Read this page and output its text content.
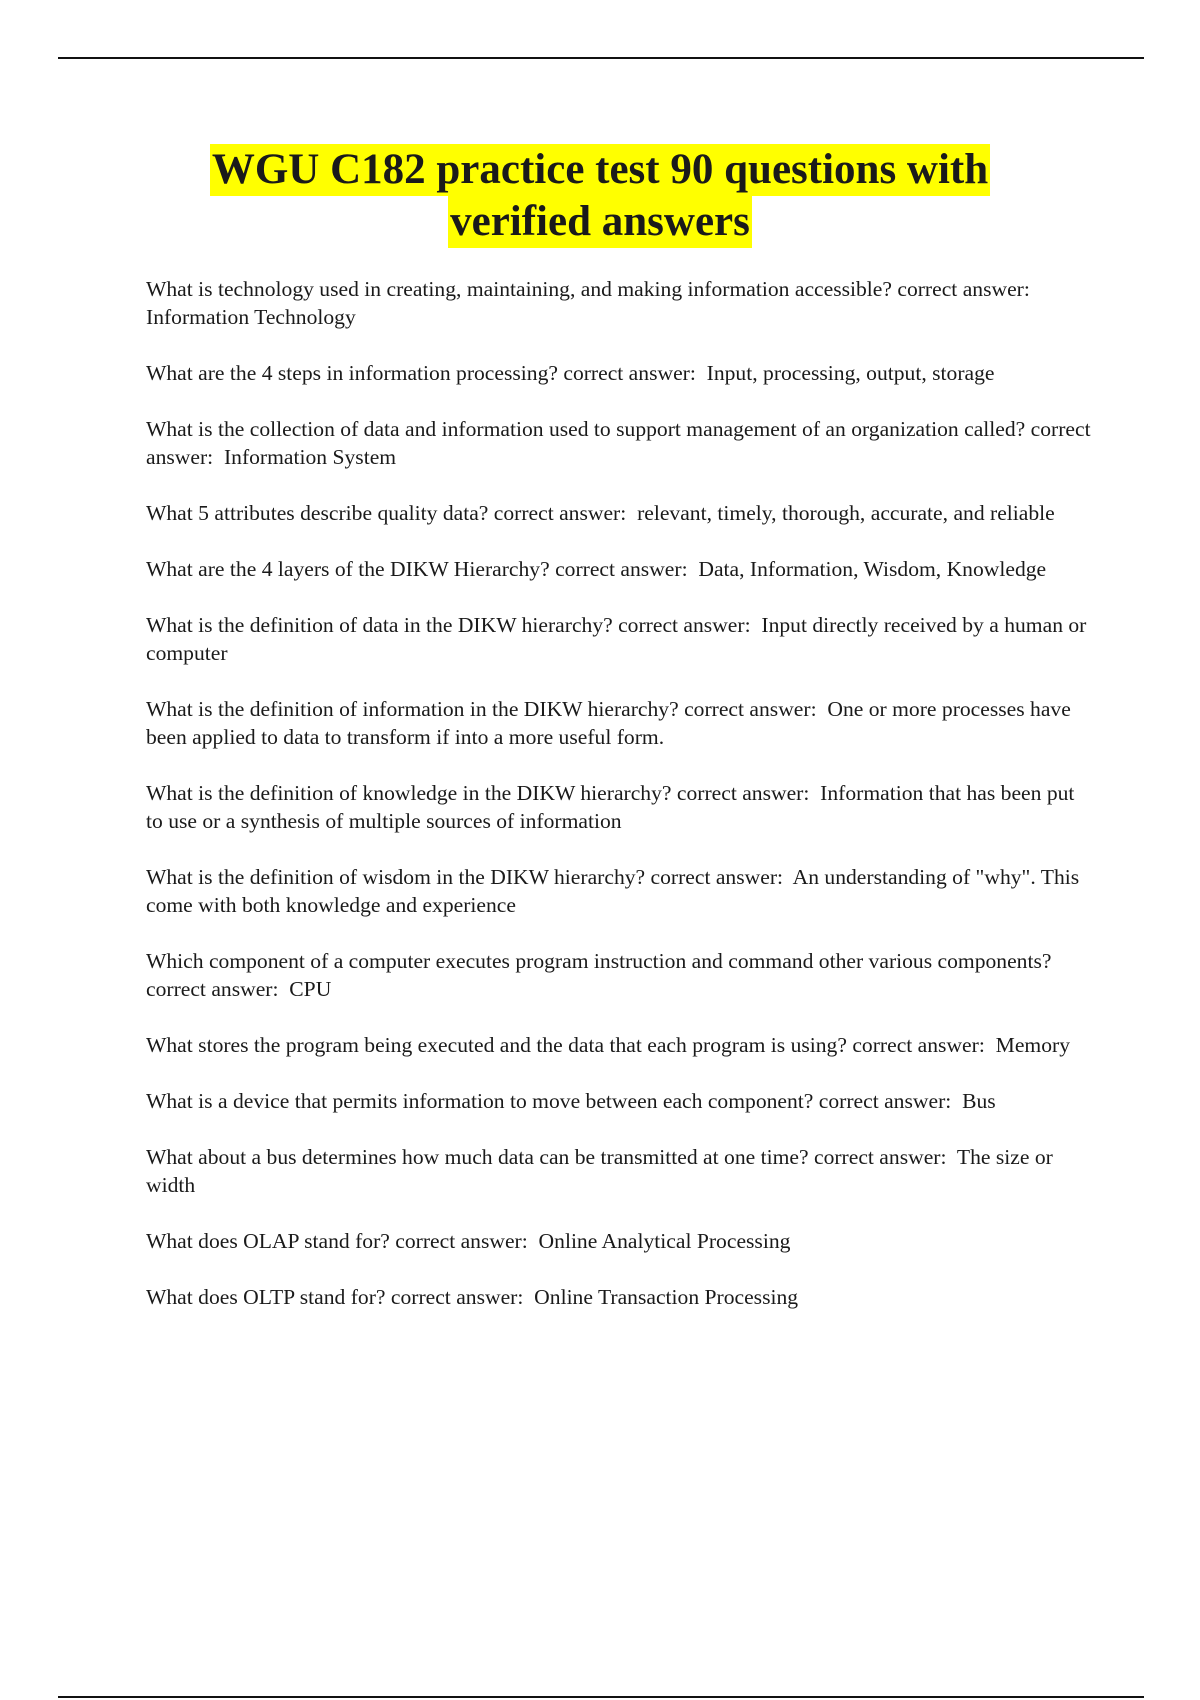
WGU C182 practice test 90 questions with
verified answers

What is technology used in creating, maintaining, and making information accessible? correct answer:  Information Technology

What are the 4 steps in information processing? correct answer: Input, processing, output, storage

What is the collection of data and information used to support management of an organization called? correct answer: Information System

What 5 attributes describe quality data? correct answer: relevant, timely, thorough, accurate, and reliable

What are the 4 layers of the DIKW Hierarchy? correct answer: Data, Information, Wisdom, Knowledge

What is the definition of data in the DIKW hierarchy? correct answer: Input directly received by a human or computer

What is the definition of information in the DIKW hierarchy? correct answer: One or more processes have been applied to data to transform if into a more useful form.

What is the definition of knowledge in the DIKW hierarchy? correct answer: Information that has been put to use or a synthesis of multiple sources of information

What is the definition of wisdom in the DIKW hierarchy? correct answer: An understanding of "why". This come with both knowledge and experience

Which component of a computer executes program instruction and command other various components? correct answer: CPU

What stores the program being executed and the data that each program is using? correct answer: Memory

What is a device that permits information to move between each component? correct answer: Bus

What about a bus determines how much data can be transmitted at one time? correct answer: The size or width

What does OLAP stand for? correct answer: Online Analytical Processing

What does OLTP stand for? correct answer: Online Transaction Processing
